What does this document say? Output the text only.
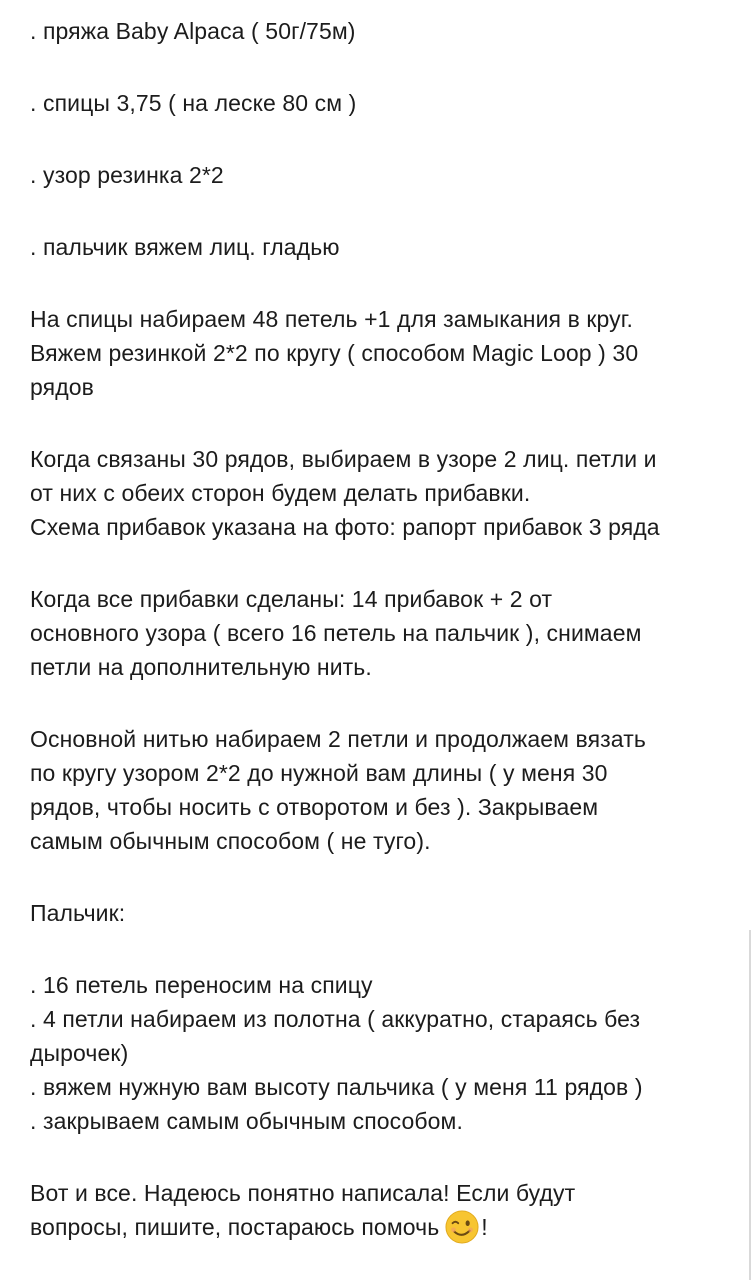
. пряжа Baby Alpaca ( 50г/75м)
. спицы 3,75 ( на леске 80 см )
. узор резинка 2*2
. пальчик вяжем лиц. гладью
На спицы набираем 48 петель +1 для замыкания в круг.
Вяжем резинкой 2*2 по кругу ( способом Magic Loop ) 30
рядов
Когда связаны 30 рядов, выбираем в узоре 2 лиц. петли и
от них с обеих сторон будем делать прибавки.
Схема прибавок указана на фото: рапорт прибавок 3 ряда
Когда все прибавки сделаны: 14 прибавок + 2 от
основного узора ( всего 16 петель на пальчик ), снимаем
петли на дополнительную нить.
Основной нитью набираем 2 петли и продолжаем вязать
по кругу узором 2*2 до нужной вам длины ( у меня 30
рядов, чтобы носить с отворотом и без ). Закрываем
самым обычным способом ( не туго).
Пальчик:
. 16 петель переносим на спицу
. 4 петли набираем из полотна ( аккуратно, стараясь без
дырочек)
. вяжем нужную вам высоту пальчика ( у меня 11 рядов )
. закрываем самым обычным способом.
Вот и все. Надеюсь понятно написала! Если будут
вопросы, пишите, постараюсь помочь !
